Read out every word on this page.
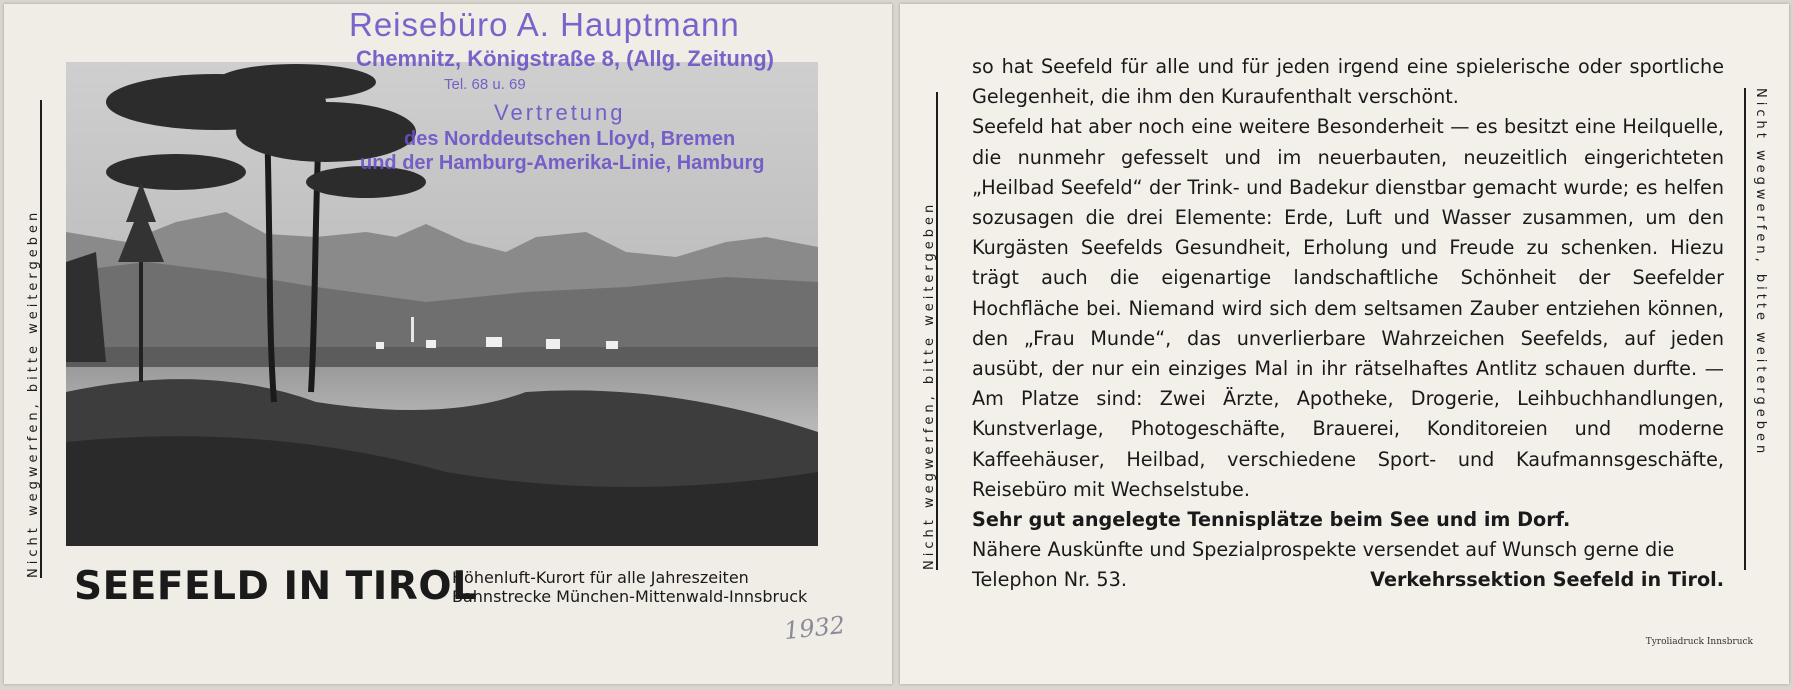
Nicht wegwerfen, bitte weitergeben
Reisebüro A. Hauptmann
Chemnitz, Königstraße 8, (Allg. Zeitung)
Tel. 68 u. 69
Vertretung
des Norddeutschen Lloyd, Bremen
und der Hamburg-Amerika-Linie, Hamburg
SEEFELD IN TIROL
Höhenluft-Kurort für alle Jahreszeiten
Bahnstrecke München-Mittenwald-Innsbruck
1932
Nicht wegwerfen, bitte weitergeben	Nicht wegwerfen, bitte weitergeben

so hat Seefeld für alle und für jeden irgend eine spielerische oder sportliche Gelegenheit, die ihm den Kuraufenthalt verschönt.

Seefeld hat aber noch eine weitere Besonderheit — es besitzt eine Heilquelle, die nunmehr gefesselt und im neuerbauten, neuzeitlich eingerichteten „Heilbad Seefeld“ der Trink- und Badekur dienstbar gemacht wurde; es helfen sozusagen die drei Elemente: Erde, Luft und Wasser zusammen, um den Kurgästen Seefelds Gesundheit, Erholung und Freude zu schenken. Hiezu trägt auch die eigenartige landschaftliche Schönheit der Seefelder Hochfläche bei. Niemand wird sich dem seltsamen Zauber entziehen können, den „Frau Munde“, das unverlierbare Wahrzeichen Seefelds, auf jeden ausübt, der nur ein einziges Mal in ihr rätselhaftes Antlitz schauen durfte. — Am Platze sind: Zwei Ärzte, Apotheke, Drogerie, Leihbuchhandlungen, Kunstverlage, Photogeschäfte, Brauerei, Konditoreien und moderne Kaffeehäuser, Heilbad, verschiedene Sport- und Kaufmannsgeschäfte, Reisebüro mit Wechselstube.

Sehr gut angelegte Tennisplätze beim See und im Dorf.

Nähere Auskünfte und Spezialprospekte versendet auf Wunsch gerne die

Telephon Nr. 53.	Verkehrssektion Seefeld in Tirol.
Tyroliadruck Innsbruck
